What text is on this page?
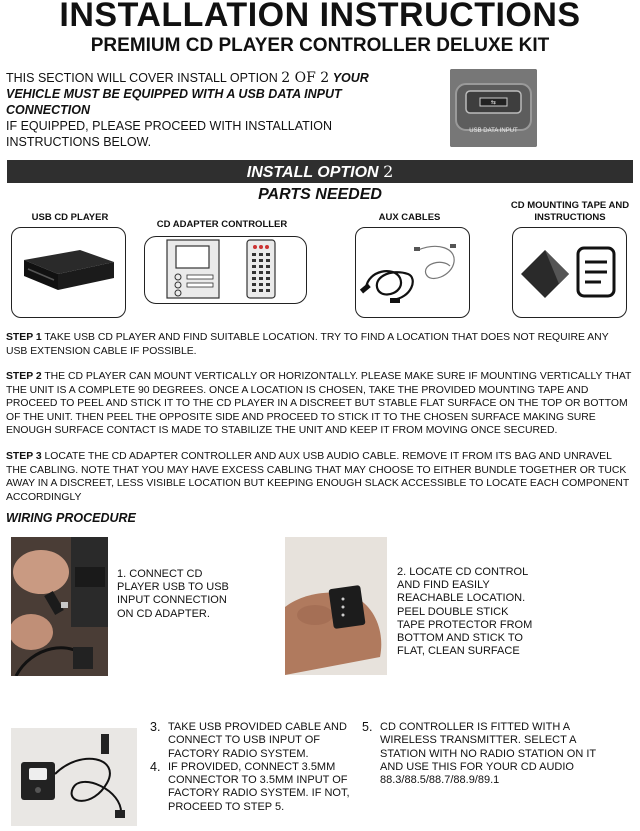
INSTALLATION INSTRUCTIONS
PREMIUM CD PLAYER CONTROLLER DELUXE KIT
THIS SECTION WILL COVER INSTALL OPTION 2 OF 2 YOUR VEHICLE MUST BE EQUIPPED WITH A USB DATA INPUT CONNECTION
IF EQUIPPED, PLEASE PROCEED WITH INSTALLATION INSTRUCTIONS BELOW.
⇆
USB DATA INPUT
INSTALL OPTION 2
PARTS NEEDED
USB CD PLAYER
CD ADAPTER CONTROLLER
AUX CABLES
CD MOUNTING TAPE AND INSTRUCTIONS
STEP 1 TAKE USB CD PLAYER AND FIND SUITABLE LOCATION. TRY TO FIND A LOCATION THAT DOES NOT REQUIRE ANY USB EXTENSION CABLE IF POSSIBLE.
STEP 2 THE CD PLAYER CAN MOUNT VERTICALLY OR HORIZONTALLY. PLEASE MAKE SURE IF MOUNTING VERTICALLY THAT THE UNIT IS A COMPLETE 90 DEGREES. ONCE A LOCATION IS CHOSEN, TAKE THE PROVIDED MOUNTING TAPE AND PROCEED TO PEEL AND STICK IT TO THE CD PLAYER IN A DISCREET BUT STABLE FLAT SURFACE ON THE TOP OR BOTTOM OF THE UNIT. THEN PEEL THE OPPOSITE SIDE AND PROCEED TO STICK IT TO THE CHOSEN SURFACE MAKING SURE ENOUGH SURFACE CONTACT IS MADE TO STABILIZE THE UNIT AND KEEP IT FROM MOVING ONCE SECURED.
STEP 3 LOCATE THE CD ADAPTER CONTROLLER AND AUX USB AUDIO CABLE. REMOVE IT FROM ITS BAG AND UNRAVEL THE CABLING. NOTE THAT YOU MAY HAVE EXCESS CABLING THAT MAY CHOOSE TO EITHER BUNDLE TOGETHER OR TUCK AWAY IN A DISCREET, LESS VISIBLE LOCATION BUT KEEPING ENOUGH SLACK ACCESSIBLE TO LOCATE EACH COMPONENT ACCORDINGLY
WIRING PROCEDURE
1. CONNECT CD PLAYER USB TO USB INPUT CONNECTION ON CD ADAPTER.
2. LOCATE CD CONTROL AND FIND EASILY REACHABLE LOCATION. PEEL DOUBLE STICK TAPE PROTECTOR FROM BOTTOM AND STICK TO FLAT, CLEAN SURFACE
3. TAKE USB PROVIDED CABLE AND CONNECT TO USB INPUT OF FACTORY RADIO SYSTEM.
4. IF PROVIDED, CONNECT 3.5MM CONNECTOR TO 3.5MM INPUT OF FACTORY RADIO SYSTEM. IF NOT, PROCEED TO STEP 5.
5. CD CONTROLLER IS FITTED WITH A WIRELESS TRANSMITTER. SELECT A STATION WITH NO RADIO STATION ON IT AND USE THIS FOR YOUR CD AUDIO 88.3/88.5/88.7/88.9/89.1
